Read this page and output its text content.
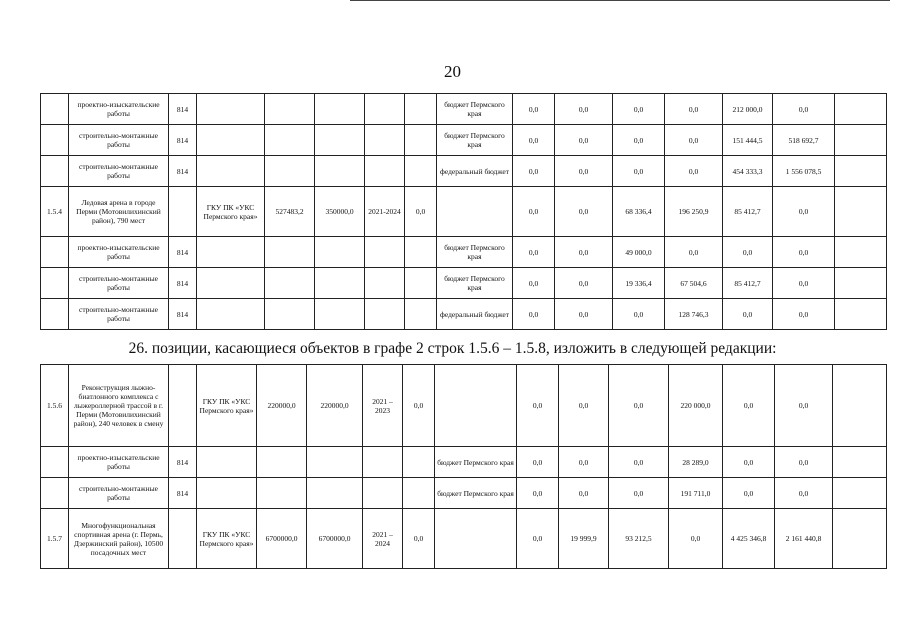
20
	проектно-изыскательские работы	814						бюджет Пермского края	0,0	0,0	0,0	0,0	212 000,0	0,0	
	строительно-монтажные работы	814						бюджет Пермского края	0,0	0,0	0,0	0,0	151 444,5	518 692,7	
	строительно-монтажные работы	814						федеральный бюджет	0,0	0,0	0,0	0,0	454 333,3	1 556 078,5	
1.5.4	Ледовая арена в городе Перми (Мотовилихинский район), 790 мест		ГКУ ПК «УКС Пермского края»	527483,2	350000,0	2021-2024	0,0		0,0	0,0	68 336,4	196 250,9	85 412,7	0,0	
	проектно-изыскательские работы	814						бюджет Пермского края	0,0	0,0	49 000,0	0,0	0,0	0,0	
	строительно-монтажные работы	814						бюджет Пермского края	0,0	0,0	19 336,4	67 504,6	85 412,7	0,0	
	строительно-монтажные работы	814						федеральный бюджет	0,0	0,0	0,0	128 746,3	0,0	0,0	
26. позиции, касающиеся объектов в графе 2 строк 1.5.6 – 1.5.8, изложить в следующей редакции:
1.5.6	Реконструкция лыжно-биатлонного комплекса с лыжероллерной трассой в г. Перми (Мотовилихинский район), 240 человек в смену		ГКУ ПК «УКС Пермского края»	220000,0	220000,0	2021 – 2023	0,0		0,0	0,0	0,0	220 000,0	0,0	0,0	
	проектно-изыскательские работы	814						бюджет Пермского края	0,0	0,0	0,0	28 289,0	0,0	0,0	
	строительно-монтажные работы	814						бюджет Пермского края	0,0	0,0	0,0	191 711,0	0,0	0,0	
1.5.7	Многофункциональная спортивная арена (г. Пермь, Дзержинский район), 10500 посадочных мест		ГКУ ПК «УКС Пермского края»	6700000,0	6700000,0	2021 – 2024	0,0		0,0	19 999,9	93 212,5	0,0	4 425 346,8	2 161 440,8	
